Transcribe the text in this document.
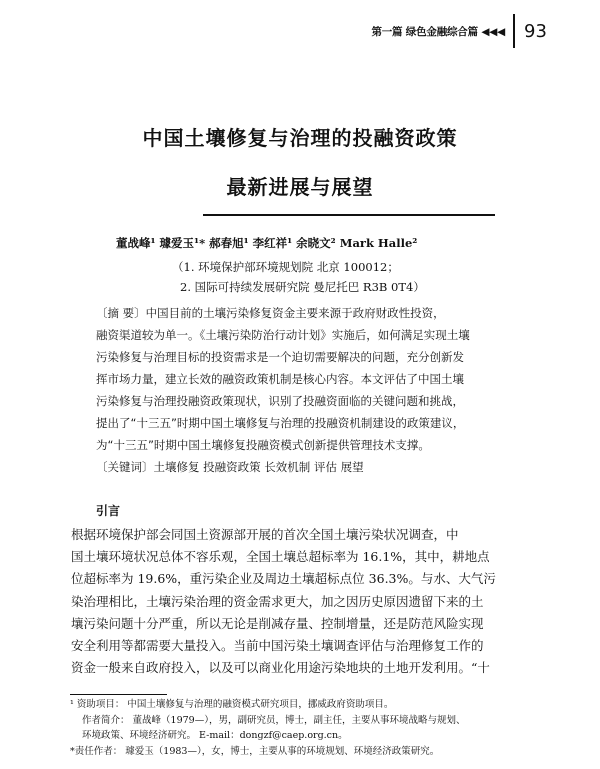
第一篇 绿色金融综合篇 ◀◀◀ 93
中国土壤修复与治理的投融资政策
最新进展与展望
董战峰¹ 璩爱玉¹* 郝春旭¹ 李红祥¹ 余晓文² Mark Halle²
（1. 环境保护部环境规划院 北京 100012；
2. 国际可持续发展研究院 曼尼托巴 R3B 0T4）
〔摘 要〕中国目前的土壤污染修复资金主要来源于政府财政性投资，
融资渠道较为单一。《土壤污染防治行动计划》实施后，如何满足实现土壤
污染修复与治理目标的投资需求是一个迫切需要解决的问题，充分创新发
挥市场力量，建立长效的融资政策机制是核心内容。本文评估了中国土壤
污染修复与治理投融资政策现状，识别了投融资面临的关键问题和挑战，
提出了“十三五”时期中国土壤修复与治理的投融资机制建设的政策建议，
为“十三五”时期中国土壤修复投融资模式创新提供管理技术支撑。
〔关键词〕土壤修复 投融资政策 长效机制 评估 展望
引言
根据环境保护部会同国土资源部开展的首次全国土壤污染状况调查，中
国土壤环境状况总体不容乐观，全国土壤总超标率为 16.1%，其中，耕地点
位超标率为 19.6%，重污染企业及周边土壤超标点位 36.3%。与水、大气污
染治理相比，土壤污染治理的资金需求更大，加之因历史原因遗留下来的土
壤污染问题十分严重，所以无论是削减存量、控制增量，还是防范风险实现
安全利用等都需要大量投入。当前中国污染土壤调查评估与治理修复工作的
资金一般来自政府投入，以及可以商业化用途污染地块的土地开发利用。“十
¹ 资助项目： 中国土壤修复与治理的融资模式研究项目，挪威政府资助项目。
作者简介： 董战峰（1979—），男，副研究员，博士，副主任，主要从事环境战略与规划、
环境政策、环境经济研究。 E-mail：dongzf@caep.org.cn。
*责任作者： 璩爱玉（1983—），女，博士，主要从事的环境规划、环境经济政策研究。
